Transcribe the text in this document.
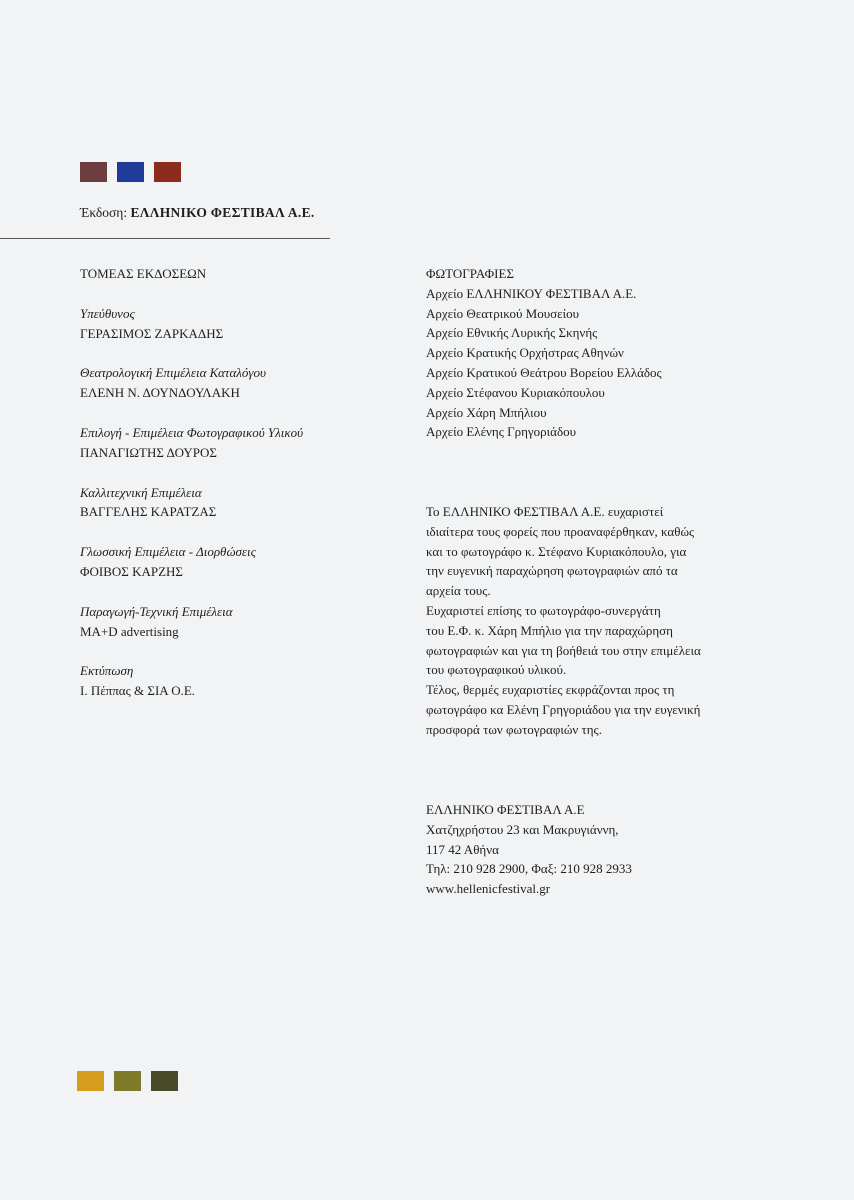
Έκδοση: ΕΛΛΗΝΙΚΟ ΦΕΣΤΙΒΑΛ Α.Ε.
ΤΟΜΕΑΣ ΕΚΔΟΣΕΩΝ
Υπεύθυνος
ΓΕΡΑΣΙΜΟΣ ΖΑΡΚΑΔΗΣ
Θεατρολογική Επιμέλεια Καταλόγου
ΕΛΕΝΗ Ν. ΔΟΥΝΔΟΥΛΑΚΗ
Επιλογή - Επιμέλεια Φωτογραφικού Υλικού
ΠΑΝΑΓΙΩΤΗΣ ΔΟΥΡΟΣ
Καλλιτεχνική Επιμέλεια
ΒΑΓΓΕΛΗΣ ΚΑΡΑΤΖΑΣ
Γλωσσική Επιμέλεια - Διορθώσεις
ΦΟΙΒΟΣ ΚΑΡΖΗΣ
Παραγωγή-Τεχνική Επιμέλεια
MA+D advertising
Εκτύπωση
Ι. Πέππας & ΣΙΑ Ο.Ε.
ΦΩΤΟΓΡΑΦΙΕΣ
Αρχείο ΕΛΛΗΝΙΚΟΥ ΦΕΣΤΙΒΑΛ Α.Ε.
Αρχείο Θεατρικού Μουσείου
Αρχείο Εθνικής Λυρικής Σκηνής
Αρχείο Κρατικής Ορχήστρας Αθηνών
Αρχείο Κρατικού Θεάτρου Βορείου Ελλάδος
Αρχείο Στέφανου Κυριακόπουλου
Αρχείο Χάρη Μπήλιου
Αρχείο Ελένης Γρηγοριάδου
Το ΕΛΛΗΝΙΚΟ ΦΕΣΤΙΒΑΛ Α.Ε. ευχαριστεί
ιδιαίτερα τους φορείς που προαναφέρθηκαν, καθώς
και το φωτογράφο κ. Στέφανο Κυριακόπουλο, για
την ευγενική παραχώρηση φωτογραφιών από τα
αρχεία τους.
Ευχαριστεί επίσης το φωτογράφο-συνεργάτη
του Ε.Φ. κ. Χάρη Μπήλιο για την παραχώρηση
φωτογραφιών και για τη βοήθειά του στην επιμέλεια
του φωτογραφικού υλικού.
Τέλος, θερμές ευχαριστίες εκφράζονται προς τη
φωτογράφο κα Ελένη Γρηγοριάδου για την ευγενική
προσφορά των φωτογραφιών της.
ΕΛΛΗΝΙΚΟ ΦΕΣΤΙΒΑΛ Α.Ε
Χατζηχρήστου 23 και Μακρυγιάννη,
117 42 Αθήνα
Τηλ: 210 928 2900, Φαξ: 210 928 2933
www.hellenicfestival.gr
